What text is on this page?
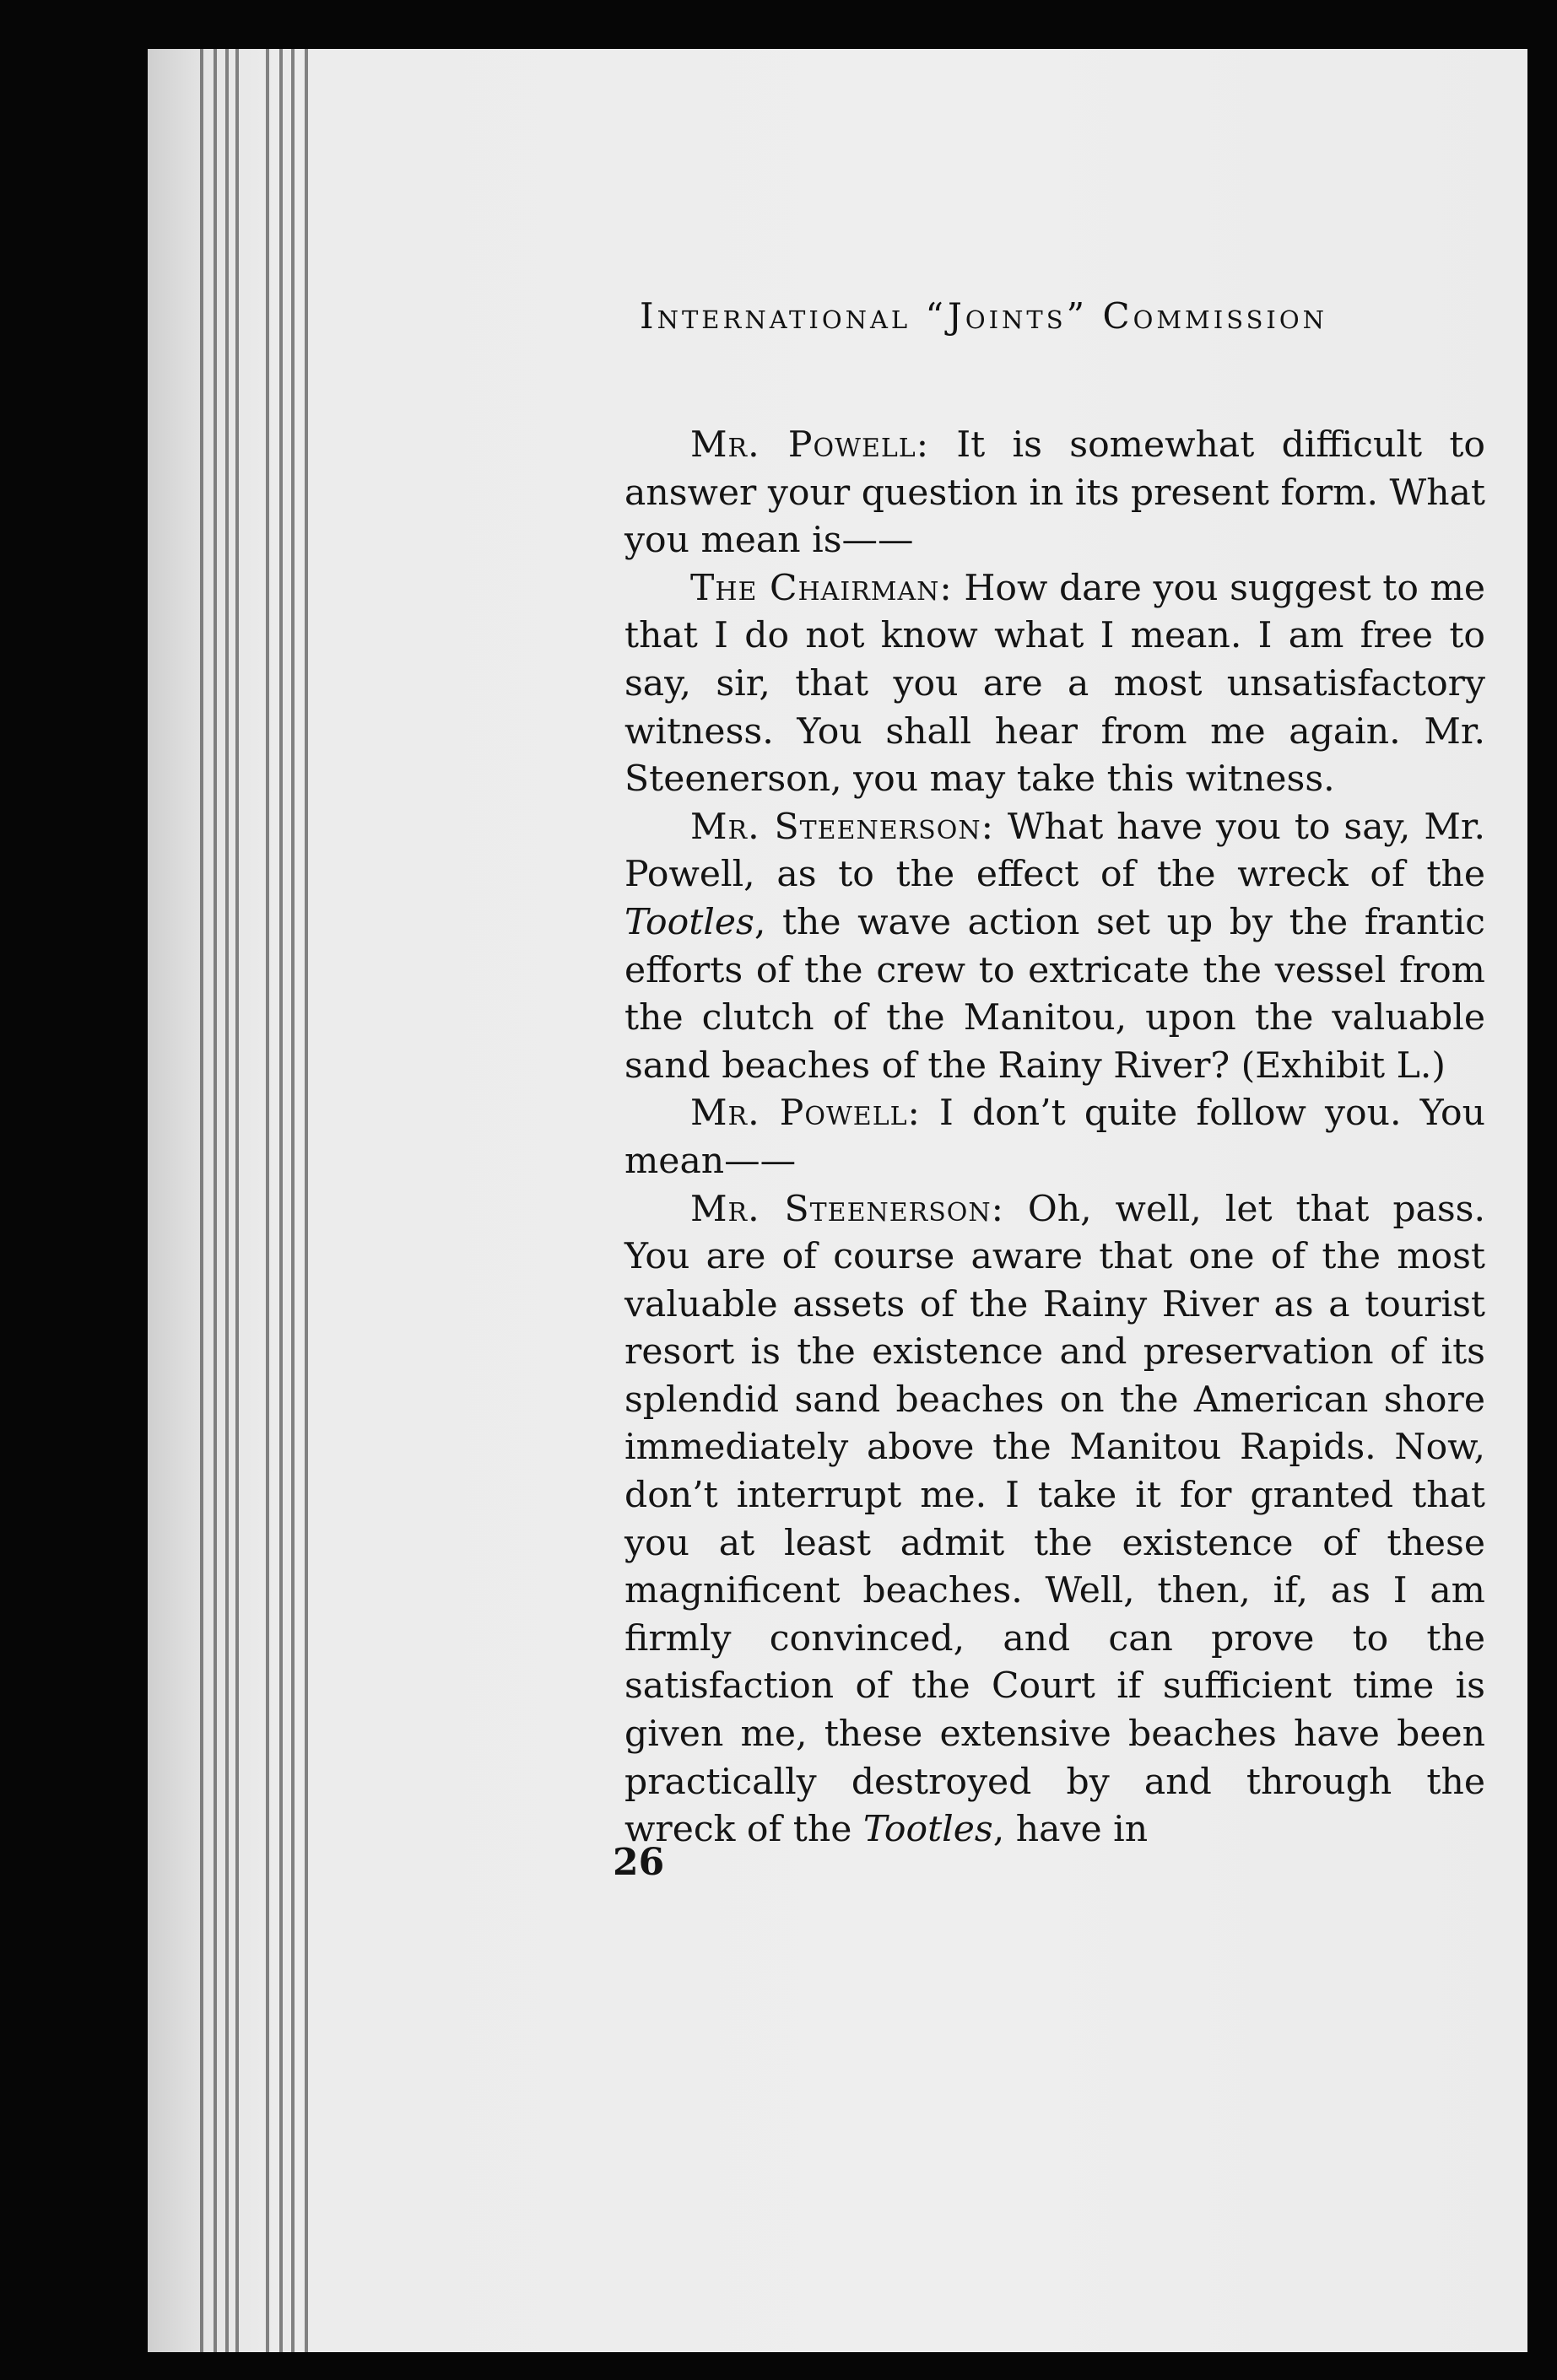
International “Joints” Commission

Mr. Powell: It is somewhat difficult to answer your question in its present form. What you mean is——

The Chairman: How dare you suggest to me that I do not know what I mean. I am free to say, sir, that you are a most unsatisfactory witness. You shall hear from me again. Mr. Steenerson, you may take this witness.

Mr. Steenerson: What have you to say, Mr. Powell, as to the effect of the wreck of the Tootles, the wave action set up by the frantic efforts of the crew to extricate the vessel from the clutch of the Manitou, upon the valuable sand beaches of the Rainy River? (Exhibit L.)

Mr. Powell: I don’t quite follow you. You mean——

Mr. Steenerson: Oh, well, let that pass. You are of course aware that one of the most valuable assets of the Rainy River as a tourist resort is the existence and preservation of its splendid sand beaches on the American shore immediately above the Manitou Rapids. Now, don’t interrupt me. I take it for granted that you at least admit the existence of these magnificent beaches. Well, then, if, as I am firmly convinced, and can prove to the satisfaction of the Court if sufficient time is given me, these extensive beaches have been practically destroyed by and through the wreck of the Tootles, have in

26
